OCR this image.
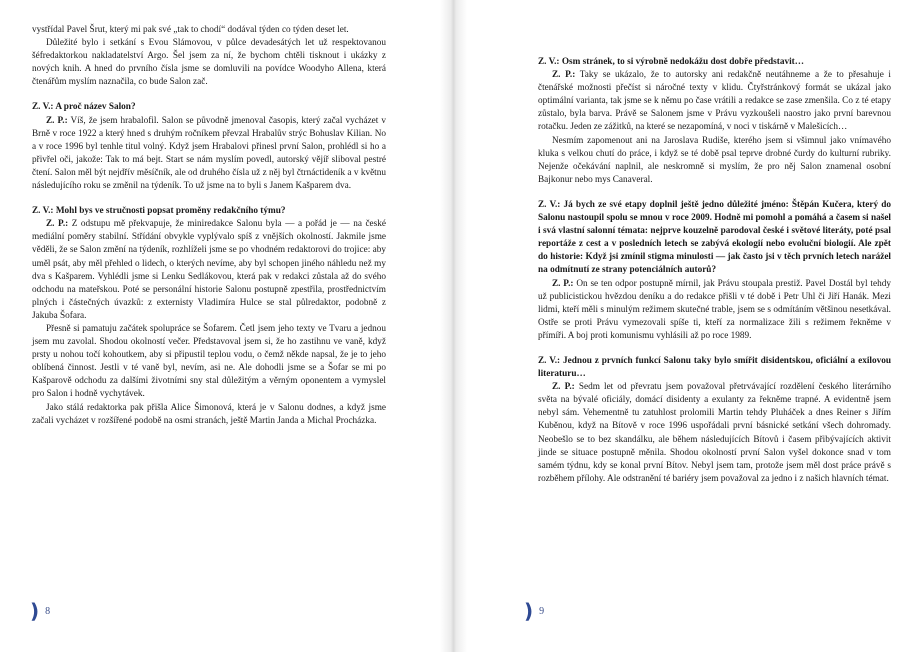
vystřídal Pavel Šrut, který mi pak své „tak to chodí“ dodával týden co týden deset let.

Důležité bylo i setkání s Evou Slámovou, v půlce devadesátých let už respektovanou šéfredaktorkou nakladatelství Argo. Šel jsem za ní, že bychom chtěli tisknout i ukázky z nových knih. A hned do prvního čísla jsme se domluvili na povídce Woodyho Allena, která čtenářům myslím naznačila, co bude Salon zač.

Z. V.: A proč název Salon?

Z. P.: Víš, že jsem hrabalofil. Salon se původně jmenoval časopis, který začal vycházet v Brně v roce 1922 a který hned s druhým ročníkem převzal Hrabalův strýc Bohuslav Kilian. No a v roce 1996 byl tenhle titul volný. Když jsem Hrabalovi přinesl první Salon, prohlédl si ho a přivřel oči, jakože: Tak to má bejt. Start se nám myslím povedl, autorský vějíř sliboval pestré čtení. Salon měl být nejdřív měsíčník, ale od druhého čísla už z něj byl čtrnáctideník a v květnu následujícího roku se změnil na týdeník. To už jsme na to byli s Janem Kašparem dva.

Z. V.: Mohl bys ve stručnosti popsat proměny redakčního týmu?

Z. P.: Z odstupu mě překvapuje, že miniredakce Salonu byla — a pořád je — na české mediální poměry stabilní. Střídání obvykle vyplývalo spíš z vnějších okolností. Jakmile jsme věděli, že se Salon změní na týdeník, rozhlíželi jsme se po vhodném redaktorovi do trojice: aby uměl psát, aby měl přehled o lidech, o kterých nevíme, aby byl schopen jiného náhledu než my dva s Kašparem. Vyhlédli jsme si Lenku Sedlákovou, která pak v redakci zůstala až do svého odchodu na mateřskou. Poté se personální historie Salonu postupně zpestřila, prostřednictvím plných i částečných úvazků: z externisty Vladimíra Hulce se stal půlredaktor, podobně z Jakuba Šofara.

Přesně si pamatuju začátek spolupráce se Šofarem. Četl jsem jeho texty ve Tvaru a jednou jsem mu zavolal. Shodou okolností večer. Představoval jsem si, že ho zastihnu ve vaně, když prsty u nohou točí kohoutkem, aby si připustil teplou vodu, o čemž někde napsal, že je to jeho oblíbená činnost. Jestli v té vaně byl, nevím, asi ne. Ale dohodli jsme se a Šofar se mi po Kašparově odchodu za dalšími životními sny stal důležitým a věrným oponentem a vymyslel pro Salon i hodně vychytávek.

Jako stálá redaktorka pak přišla Alice Šimonová, která je v Salonu dodnes, a když jsme začali vycházet v rozšířené podobě na osmi stranách, ještě Martin Janda a Michal Procházka.

) 8

Z. V.: Osm stránek, to si výrobně nedokážu dost dobře představit…

Z. P.: Taky se ukázalo, že to autorsky ani redakčně neutáhneme a že to přesahuje i čtenářské možnosti přečíst si náročné texty v klidu. Čtyřstránkový formát se ukázal jako optimální varianta, tak jsme se k němu po čase vrátili a redakce se zase zmenšila. Co z té etapy zůstalo, byla barva. Právě se Salonem jsme v Právu vyzkoušeli naostro jako první barevnou rotačku. Jeden ze zážitků, na které se nezapomíná, v noci v tiskárně v Malešicích…

Nesmím zapomenout ani na Jaroslava Rudiše, kterého jsem si všimnul jako vnímavého kluka s velkou chutí do práce, i když se té době psal teprve drobné čurdy do kulturní rubriky. Nejenže očekávání naplnil, ale neskromně si myslím, že pro něj Salon znamenal osobní Bajkonur nebo mys Canaveral.

Z. V.: Já bych ze své etapy doplnil ještě jedno důležité jméno: Štěpán Kučera, který do Salonu nastoupil spolu se mnou v roce 2009. Hodně mi pomohl a pomáhá a časem si našel i svá vlastní salonní témata: nejprve kouzelně parodoval české i světové literáty, poté psal reportáže z cest a v posledních letech se zabývá ekologií nebo evoluční biologií. Ale zpět do historie: Když jsi zmínil stigma minulosti — jak často jsi v těch prvních letech narážel na odmítnutí ze strany potenciálních autorů?

Z. P.: On se ten odpor postupně mírnil, jak Právu stoupala prestiž. Pavel Dostál byl tehdy už publicistickou hvězdou deníku a do redakce přišli v té době i Petr Uhl či Jiří Hanák. Mezi lidmi, kteří měli s minulým režimem skutečné trable, jsem se s odmítáním většinou nesetkával. Ostře se proti Právu vymezovali spíše ti, kteří za normalizace žili s režimem řekněme v přímíři. A boj proti komunismu vyhlásili až po roce 1989.

Z. V.: Jednou z prvních funkcí Salonu taky bylo smířit disidentskou, oficiální a exilovou literaturu…

Z. P.: Sedm let od převratu jsem považoval přetrvávající rozdělení českého literárního světa na bývalé oficiály, domácí disidenty a exulanty za řekněme trapné. A evidentně jsem nebyl sám. Vehementně tu zatuhlost prolomili Martin tehdy Pluháček a dnes Reiner s Jiřím Kuběnou, když na Bítově v roce 1996 uspořádali první básnické setkání všech dohromady. Neobešlo se to bez skandálku, ale během následujících Bítovů i časem přibývajících aktivit jinde se situace postupně měnila. Shodou okolností první Salon vyšel dokonce snad v tom samém týdnu, kdy se konal první Bítov. Nebyl jsem tam, protože jsem měl dost práce právě s rozběhem přílohy. Ale odstranění té bariéry jsem považoval za jedno i z našich hlavních témat.

) 9
